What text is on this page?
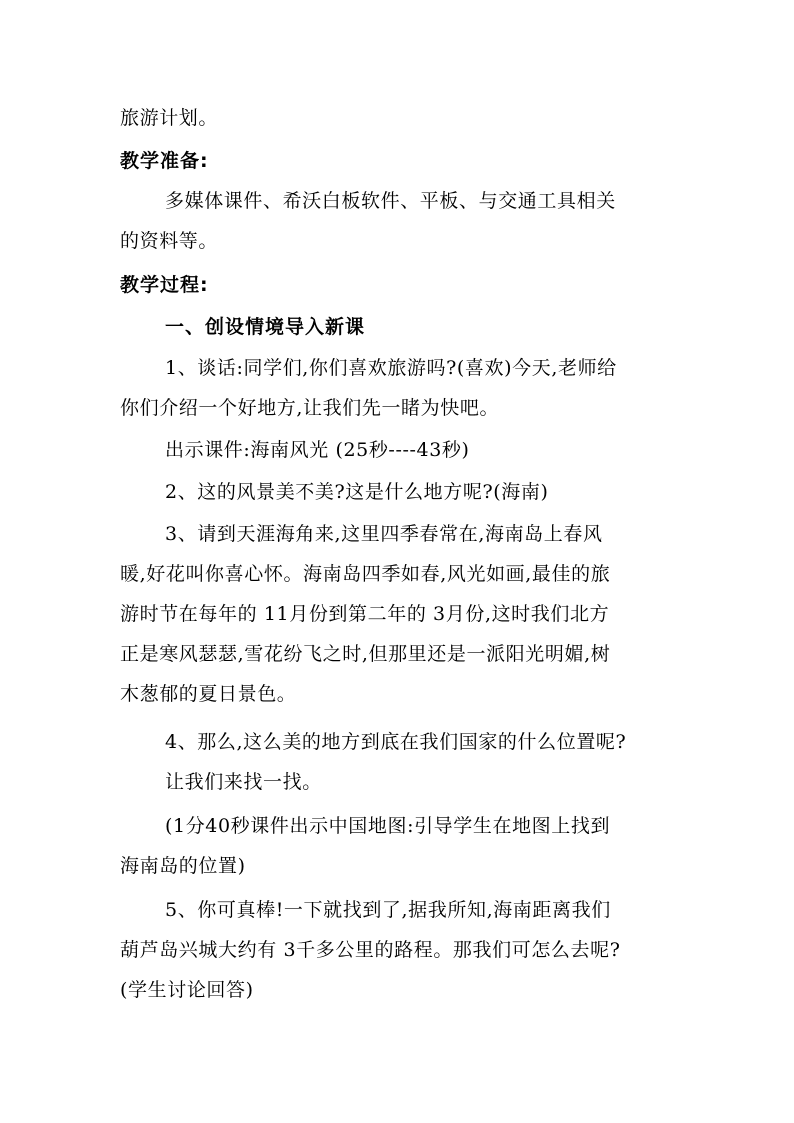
旅游计划。
教学准备:
多媒体课件、希沃白板软件、平板、与交通工具相关
的资料等。
教学过程:
一、创设情境导入新课
1、谈话:同学们,你们喜欢旅游吗?(喜欢)今天,老师给
你们介绍一个好地方,让我们先一睹为快吧。
出示课件:海南风光 (25秒----43秒)
2、这的风景美不美?这是什么地方呢?(海南)
3、请到天涯海角来,这里四季春常在,海南岛上春风
暖,好花叫你喜心怀。海南岛四季如春,风光如画,最佳的旅
游时节在每年的 11月份到第二年的 3月份,这时我们北方
正是寒风瑟瑟,雪花纷飞之时,但那里还是一派阳光明媚,树
木葱郁的夏日景色。
4、那么,这么美的地方到底在我们国家的什么位置呢?
让我们来找一找。
(1分40秒课件出示中国地图:引导学生在地图上找到
海南岛的位置)
5、你可真棒!一下就找到了,据我所知,海南距离我们
葫芦岛兴城大约有 3千多公里的路程。那我们可怎么去呢?
(学生讨论回答)
